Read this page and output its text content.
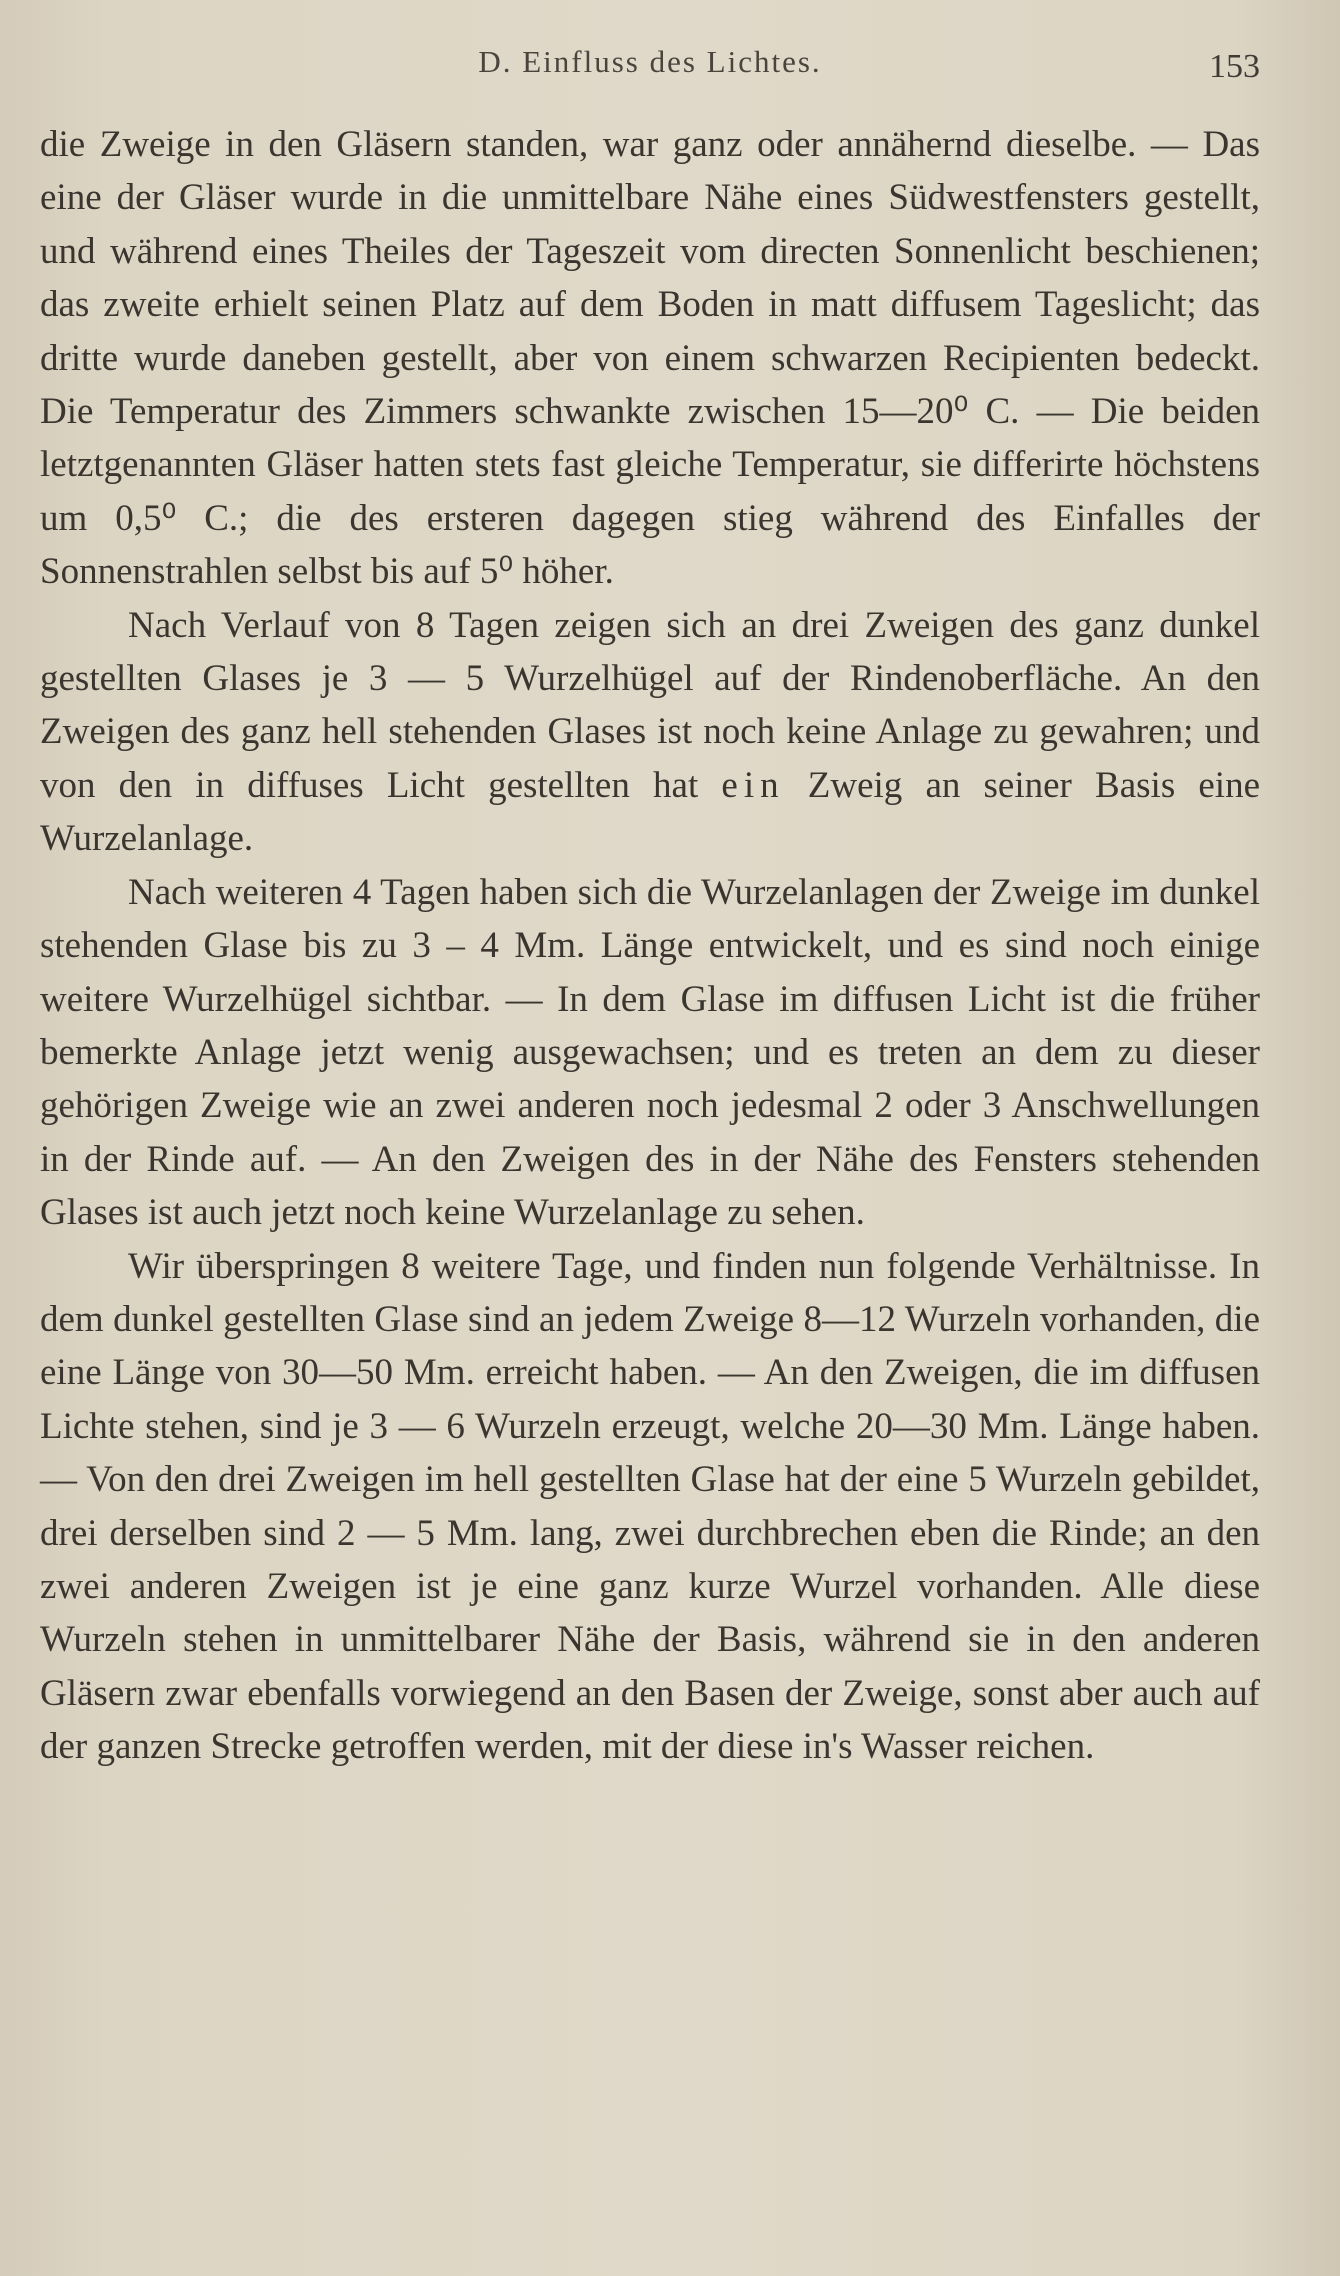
D. Einfluss des Lichtes.	153

die Zweige in den Gläsern standen, war ganz oder annähernd dieselbe. — Das eine der Gläser wurde in die unmittelbare Nähe eines Südwestfensters gestellt, und während eines Theiles der Tageszeit vom directen Sonnenlicht beschienen; das zweite erhielt seinen Platz auf dem Boden in matt diffusem Tageslicht; das dritte wurde daneben gestellt, aber von einem schwarzen Recipienten bedeckt. Die Temperatur des Zimmers schwankte zwischen 15—20⁰ C. — Die beiden letztgenannten Gläser hatten stets fast gleiche Temperatur, sie differirte höchstens um 0,5⁰ C.; die des ersteren dagegen stieg während des Einfalles der Sonnenstrahlen selbst bis auf 5⁰ höher.

Nach Verlauf von 8 Tagen zeigen sich an drei Zweigen des ganz dunkel gestellten Glases je 3 — 5 Wurzelhügel auf der Rindenoberfläche. An den Zweigen des ganz hell stehenden Glases ist noch keine Anlage zu gewahren; und von den in diffuses Licht gestellten hat ein Zweig an seiner Basis eine Wurzelanlage.

Nach weiteren 4 Tagen haben sich die Wurzelanlagen der Zweige im dunkel stehenden Glase bis zu 3 – 4 Mm. Länge entwickelt, und es sind noch einige weitere Wurzelhügel sichtbar. — In dem Glase im diffusen Licht ist die früher bemerkte Anlage jetzt wenig ausgewachsen; und es treten an dem zu dieser gehörigen Zweige wie an zwei anderen noch jedesmal 2 oder 3 Anschwellungen in der Rinde auf. — An den Zweigen des in der Nähe des Fensters stehenden Glases ist auch jetzt noch keine Wurzelanlage zu sehen.

Wir überspringen 8 weitere Tage, und finden nun folgende Verhältnisse. In dem dunkel gestellten Glase sind an jedem Zweige 8—12 Wurzeln vorhanden, die eine Länge von 30—50 Mm. erreicht haben. — An den Zweigen, die im diffusen Lichte stehen, sind je 3 — 6 Wurzeln erzeugt, welche 20—30 Mm. Länge haben. — Von den drei Zweigen im hell gestellten Glase hat der eine 5 Wurzeln gebildet, drei derselben sind 2 — 5 Mm. lang, zwei durchbrechen eben die Rinde; an den zwei anderen Zweigen ist je eine ganz kurze Wurzel vorhanden. Alle diese Wurzeln stehen in unmittelbarer Nähe der Basis, während sie in den anderen Gläsern zwar ebenfalls vorwiegend an den Basen der Zweige, sonst aber auch auf der ganzen Strecke getroffen werden, mit der diese in's Wasser reichen.
